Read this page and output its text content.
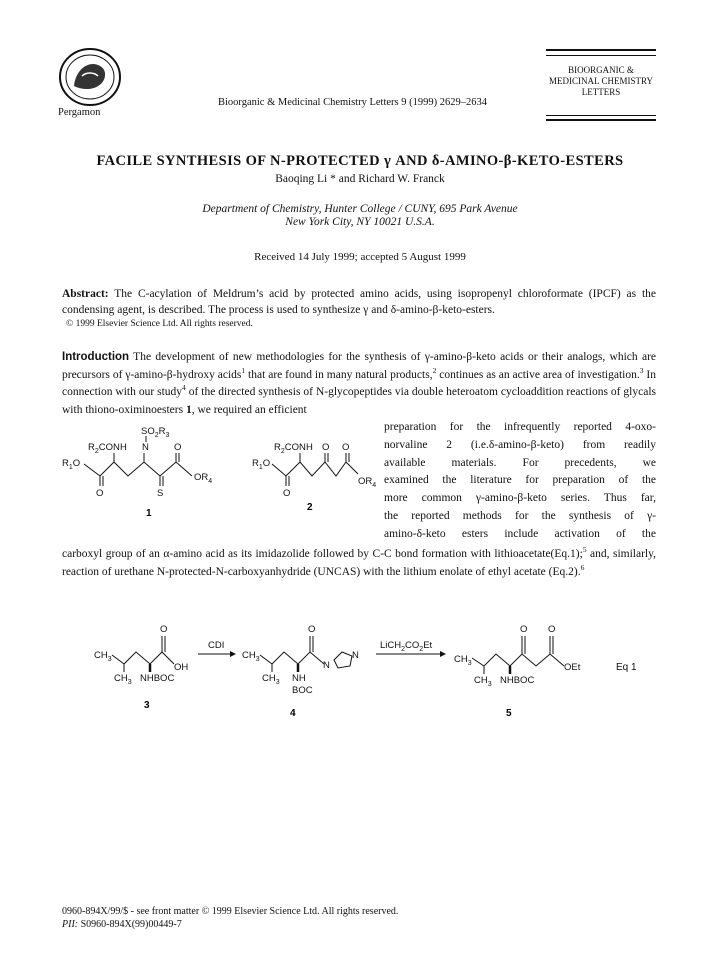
Pergamon
Bioorganic & Medicinal Chemistry Letters 9 (1999) 2629–2634
BIOORGANIC &
MEDICINAL CHEMISTRY
LETTERS
FACILE SYNTHESIS OF N-PROTECTED γ AND δ-AMINO-β-KETO-ESTERS
Baoqing Li * and Richard W. Franck
Department of Chemistry, Hunter College / CUNY, 695 Park Avenue
New York City, NY 10021 U.S.A.
Received 14 July 1999; accepted 5 August 1999
Abstract: The C-acylation of Meldrum’s acid by protected amino acids, using isopropenyl chloroformate (IPCF) as the condensing agent, is described. The process is used to synthesize γ and δ-amino-β-keto-esters.
© 1999 Elsevier Science Ltd. All rights reserved.
Introduction The development of new methodologies for the synthesis of γ-amino-β-keto acids or their analogs, which are precursors of γ-amino-β-hydroxy acids$^1$ that are found in many natural products,$^2$ continues as an active area of investigation.$^3$ In connection with our study$^4$ of the directed synthesis of N-glycopeptides via double heteroatom cycloaddition reactions of glycals with thiono-oximinoesters 1, we required an efficient
preparation for the infrequently reported 4-oxo-
norvaline 2 (i.e.δ-amino-β-keto) from readily
available materials. For precedents, we
examined the literature for preparation of the
more common γ-amino-β-keto series. Thus far,
the reported methods for the synthesis of γ-
amino-δ-keto esters include activation of the
SO2R3
R2CON H N	O
R1O
OR4
O	S
1
R2CON H O O
R1O
OR4
O
2
carboxyl group of an α-amino acid as its imidazolide followed by C-C bond formation with lithioacetate(Eq.1);$^5$ and, similarly, reaction of urethane N-protected-N-carboxyanhydride (UNCAS) with the lithium enolate of ethyl acetate (Eq.2).$^6$
CH3
O
OH
CH3 NHBOC
3
CDI
CH3
O
N
N
CH3 NH
BOC
4
LiCH2CO2Et
CH3
O O
OEt
CH3 NHBOC
5
Eq 1
0960-894X/99/$ - see front matter © 1999 Elsevier Science Ltd. All rights reserved.
PII: S0960-894X(99)00449-7
